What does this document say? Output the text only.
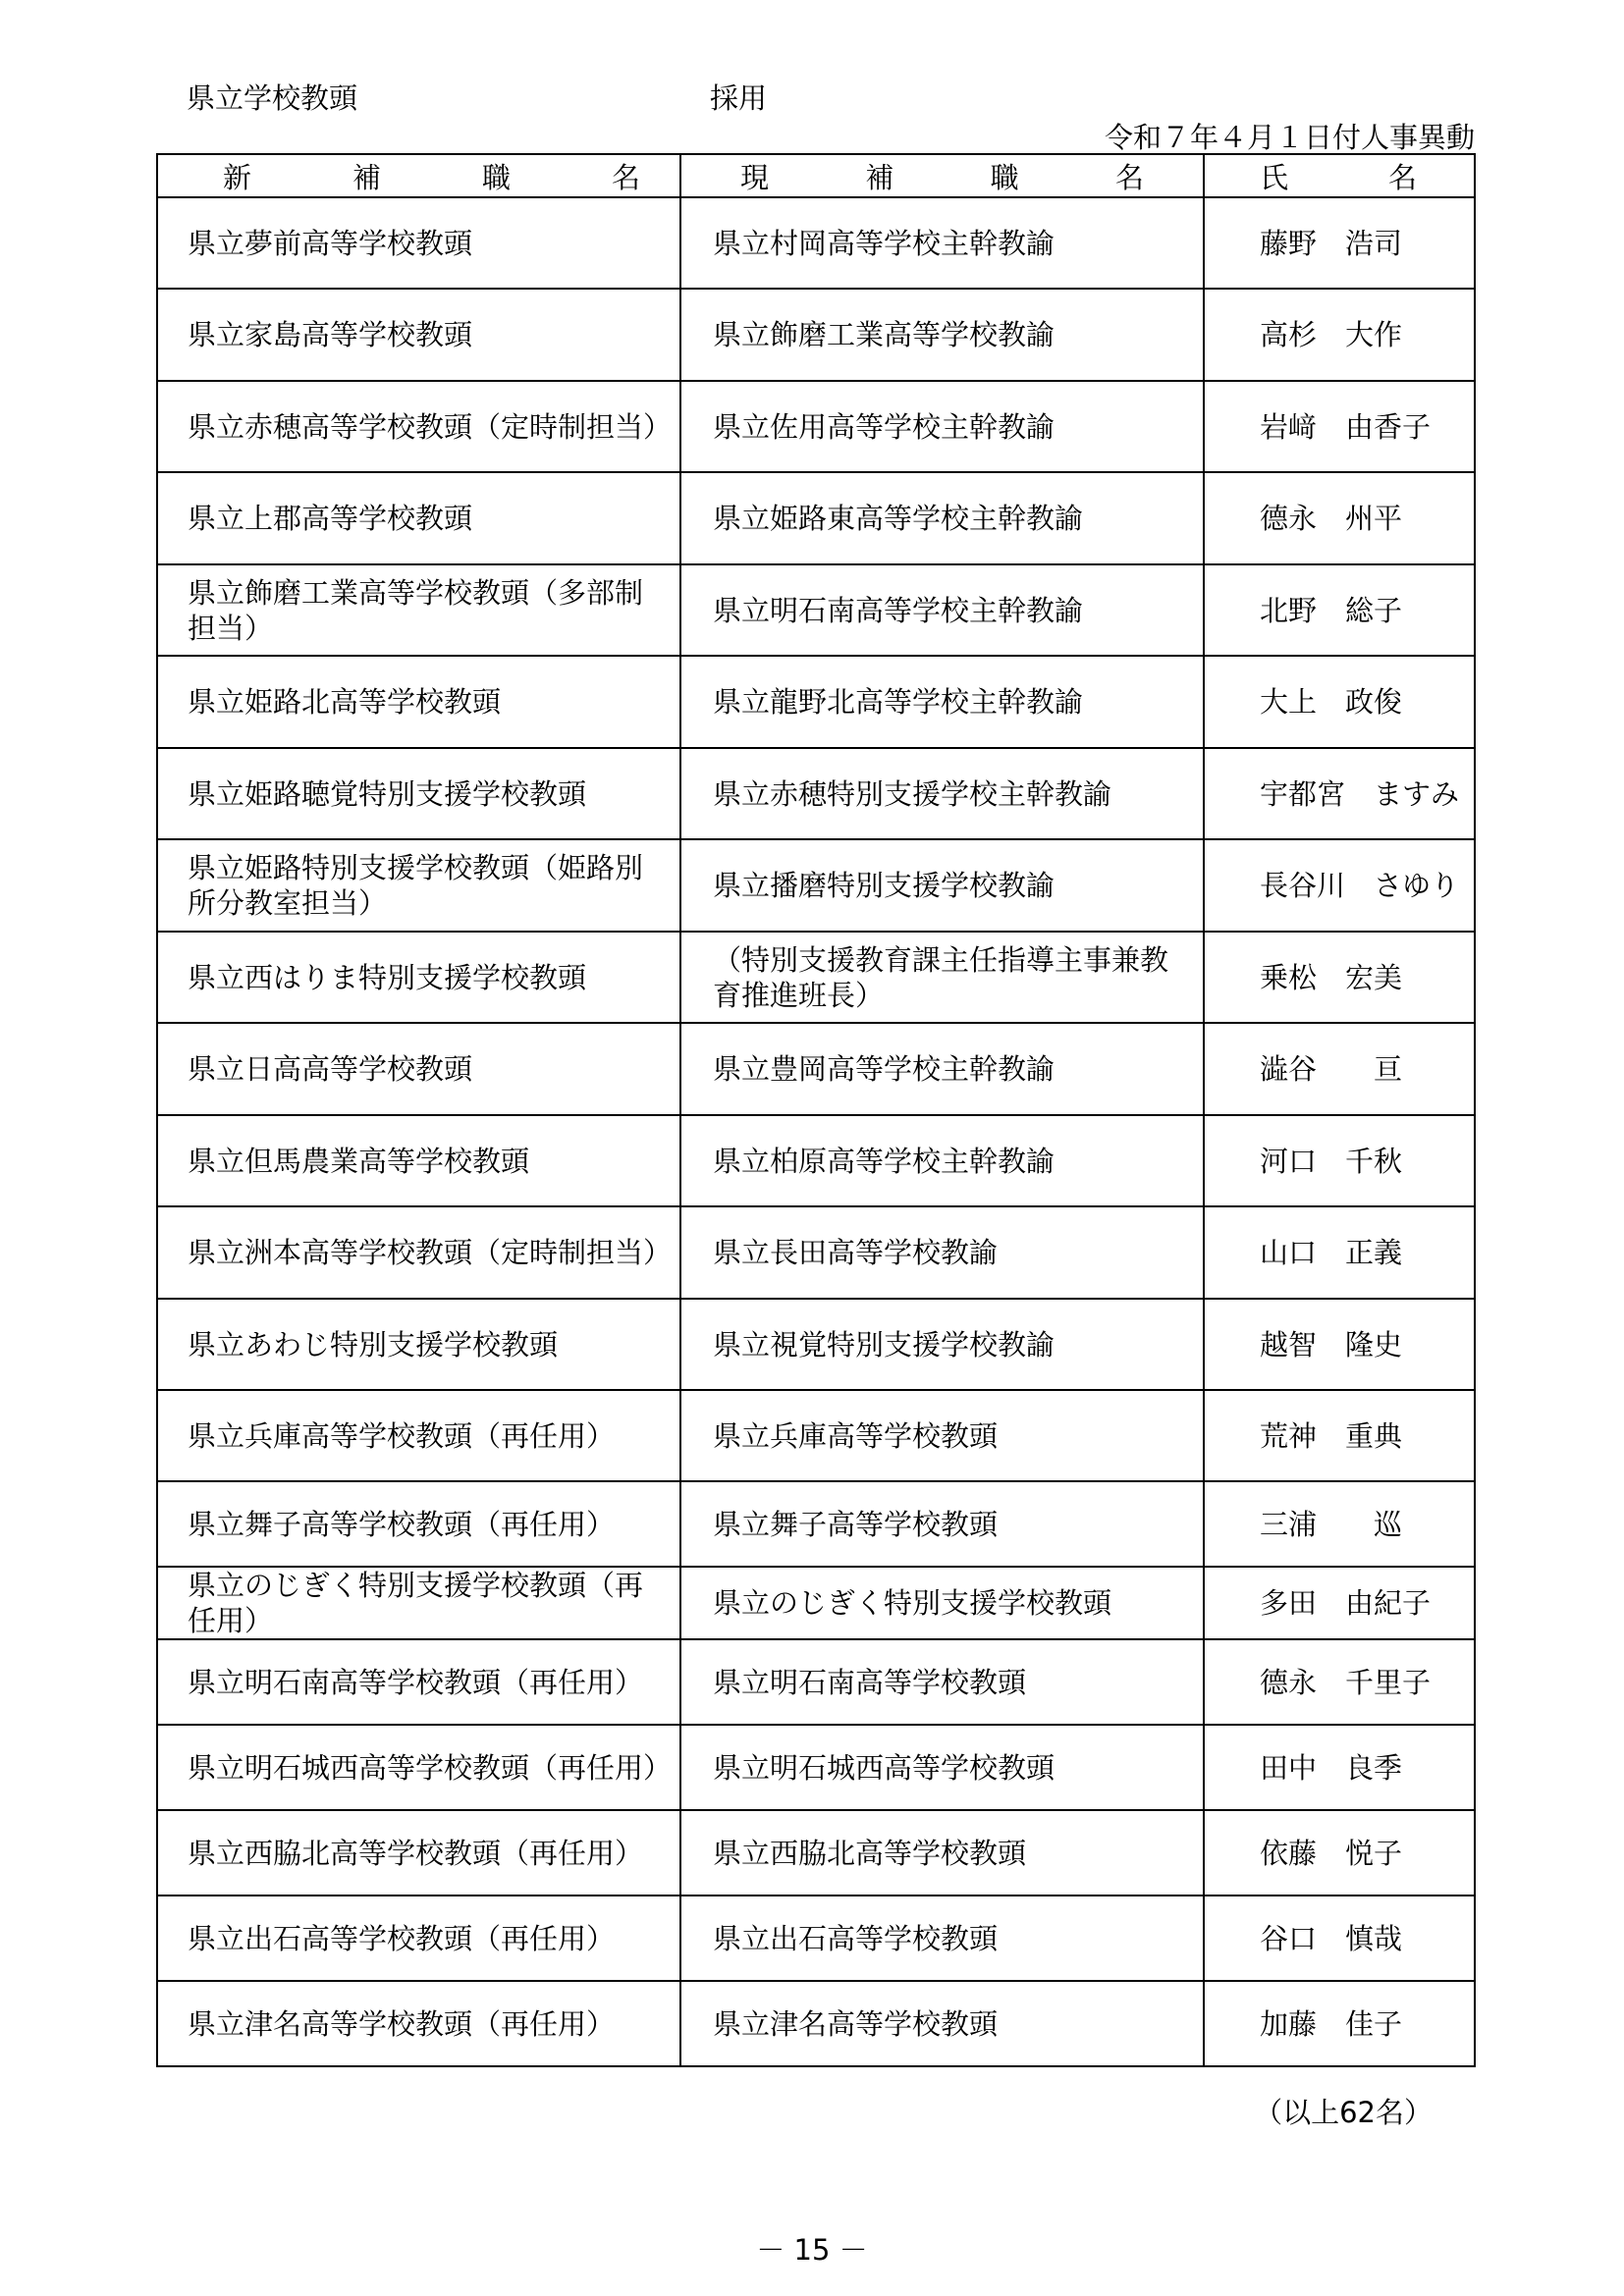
県立学校教頭	採用
令和７年４月１日付人事異動
新 補 職 名	現 補 職 名	氏 名

県立夢前高等学校教頭	県立村岡高等学校主幹教諭	藤野　浩司
県立家島高等学校教頭	県立飾磨工業高等学校教諭	高杉　大作
県立赤穂高等学校教頭（定時制担当）	県立佐用高等学校主幹教諭	岩﨑　由香子
県立上郡高等学校教頭	県立姫路東高等学校主幹教諭	德永　州平
県立飾磨工業高等学校教頭（多部制担当）	県立明石南高等学校主幹教諭	北野　総子
県立姫路北高等学校教頭	県立龍野北高等学校主幹教諭	大上　政俊
県立姫路聴覚特別支援学校教頭	県立赤穂特別支援学校主幹教諭	宇都宮　ますみ
県立姫路特別支援学校教頭（姫路別所分教室担当）	県立播磨特別支援学校教諭	長谷川　さゆり
県立西はりま特別支援学校教頭	（特別支援教育課主任指導主事兼教育推進班長）	乗松　宏美
県立日高高等学校教頭	県立豊岡高等学校主幹教諭	澁谷　　亘
県立但馬農業高等学校教頭	県立柏原高等学校主幹教諭	河口　千秋
県立洲本高等学校教頭（定時制担当）	県立長田高等学校教諭	山口　正義
県立あわじ特別支援学校教頭	県立視覚特別支援学校教諭	越智　隆史
県立兵庫高等学校教頭（再任用）	県立兵庫高等学校教頭	荒神　重典
県立舞子高等学校教頭（再任用）	県立舞子高等学校教頭	三浦　　巡
県立のじぎく特別支援学校教頭（再任用）	県立のじぎく特別支援学校教頭	多田　由紀子
県立明石南高等学校教頭（再任用）	県立明石南高等学校教頭	德永　千里子
県立明石城西高等学校教頭（再任用）	県立明石城西高等学校教頭	田中　良季
県立西脇北高等学校教頭（再任用）	県立西脇北高等学校教頭	依藤　悦子
県立出石高等学校教頭（再任用）	県立出石高等学校教頭	谷口　慎哉
県立津名高等学校教頭（再任用）	県立津名高等学校教頭	加藤　佳子
（以上62名）
－ 15 －
